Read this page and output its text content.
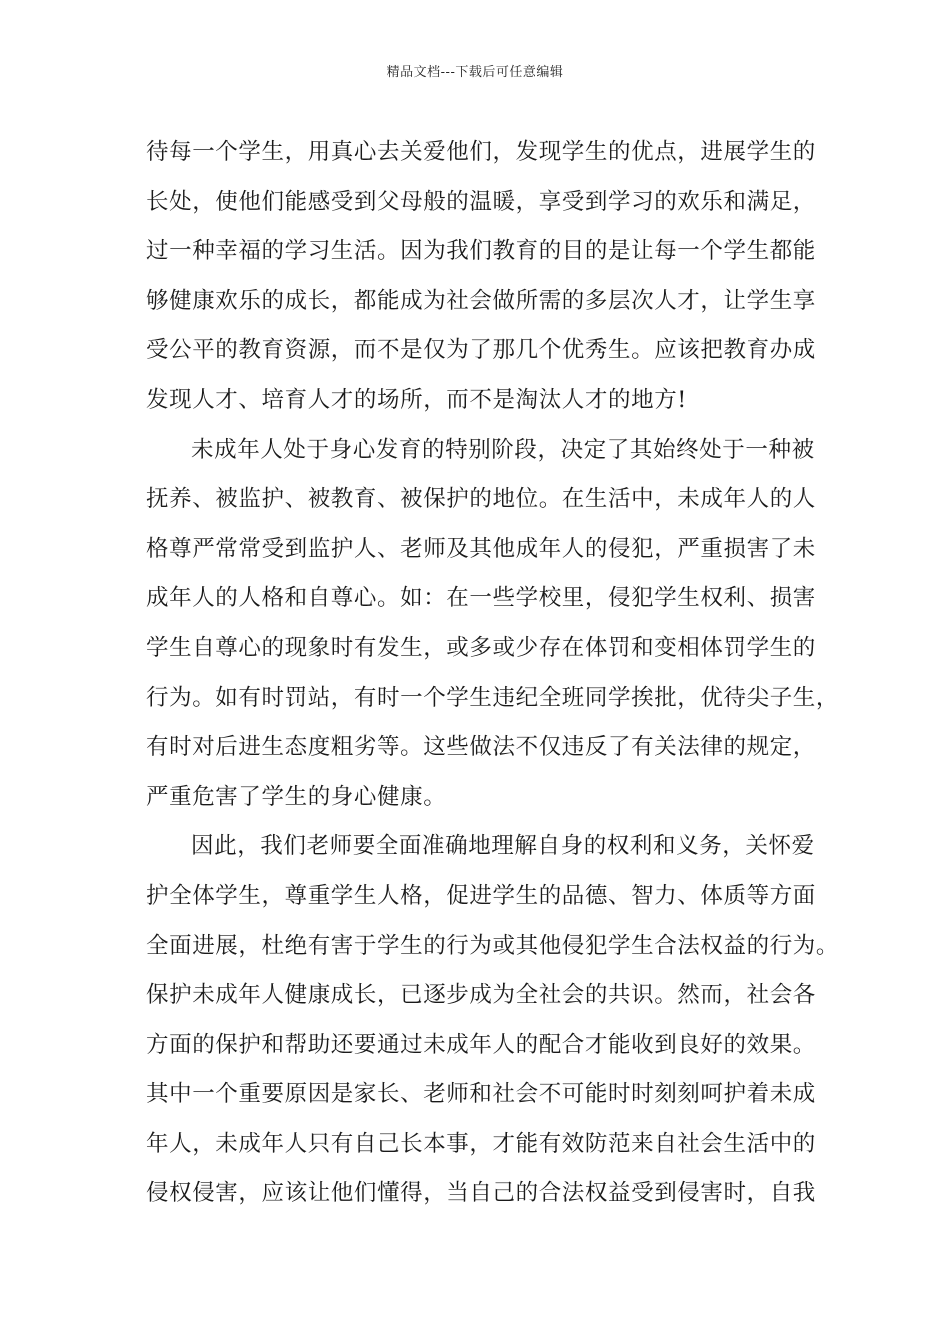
精品文档---下载后可任意编辑
待每一个学生，用真心去关爱他们，发现学生的优点，进展学生的
长处，使他们能感受到父母般的温暖，享受到学习的欢乐和满足，
过一种幸福的学习生活。因为我们教育的目的是让每一个学生都能
够健康欢乐的成长，都能成为社会做所需的多层次人才，让学生享
受公平的教育资源，而不是仅为了那几个优秀生。应该把教育办成
发现人才、培育人才的场所，而不是淘汰人才的地方!
未成年人处于身心发育的特别阶段，决定了其始终处于一种被
抚养、被监护、被教育、被保护的地位。在生活中，未成年人的人
格尊严常常受到监护人、老师及其他成年人的侵犯，严重损害了未
成年人的人格和自尊心。如：在一些学校里，侵犯学生权利、损害
学生自尊心的现象时有发生，或多或少存在体罚和变相体罚学生的
行为。如有时罚站，有时一个学生违纪全班同学挨批，优待尖子生，
有时对后进生态度粗劣等。这些做法不仅违反了有关法律的规定，
严重危害了学生的身心健康。
因此，我们老师要全面准确地理解自身的权利和义务，关怀爱
护全体学生，尊重学生人格，促进学生的品德、智力、体质等方面
全面进展，杜绝有害于学生的行为或其他侵犯学生合法权益的行为。
保护未成年人健康成长，已逐步成为全社会的共识。然而，社会各
方面的保护和帮助还要通过未成年人的配合才能收到良好的效果。
其中一个重要原因是家长、老师和社会不可能时时刻刻呵护着未成
年人，未成年人只有自己长本事，才能有效防范来自社会生活中的
侵权侵害，应该让他们懂得，当自己的合法权益受到侵害时，自我
